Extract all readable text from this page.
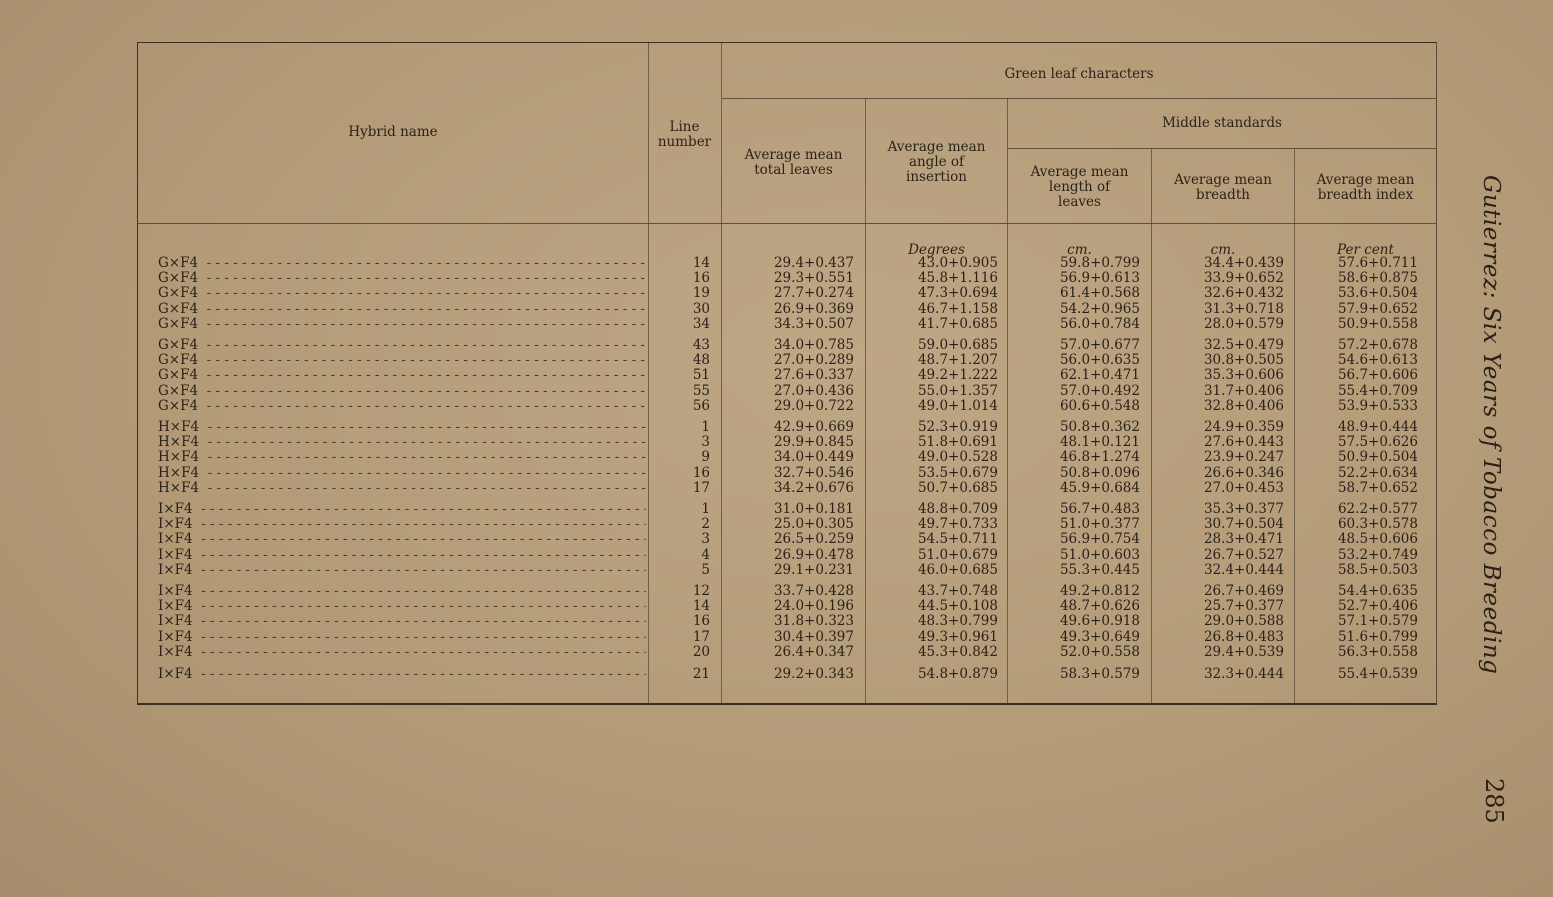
Hybrid name	Line
number
Green leaf characters
Average mean
total leaves
Average mean
angle of
insertion
Middle standards
Average mean
length of
leaves
Average mean
breadth
Average mean
breadth index
Degrees	cm.	cm.	Per cent
G×F4 - - -	14	29.4+0.437	43.0+0.905	59.8+0.799	34.4+0.439	57.6+0.711
G×F4 - - -	16	29.3+0.551	45.8+1.116	56.9+0.613	33.9+0.652	58.6+0.875
G×F4 - - -	19	27.7+0.274	47.3+0.694	61.4+0.568	32.6+0.432	53.6+0.504
G×F4 - - -	30	26.9+0.369	46.7+1.158	54.2+0.965	31.3+0.718	57.9+0.652
G×F4 - - -	34	34.3+0.507	41.7+0.685	56.0+0.784	28.0+0.579	50.9+0.558
G×F4 - - -	43	34.0+0.785	59.0+0.685	57.0+0.677	32.5+0.479	57.2+0.678
G×F4 - - -	48	27.0+0.289	48.7+1.207	56.0+0.635	30.8+0.505	54.6+0.613
G×F4 - - -	51	27.6+0.337	49.2+1.222	62.1+0.471	35.3+0.606	56.7+0.606
G×F4 - - -	55	27.0+0.436	55.0+1.357	57.0+0.492	31.7+0.406	55.4+0.709
G×F4 - - -	56	29.0+0.722	49.0+1.014	60.6+0.548	32.8+0.406	53.9+0.533
H×F4 - - -	1	42.9+0.669	52.3+0.919	50.8+0.362	24.9+0.359	48.9+0.444
H×F4 - - -	3	29.9+0.845	51.8+0.691	48.1+0.121	27.6+0.443	57.5+0.626
H×F4 - - -	9	34.0+0.449	49.0+0.528	46.8+1.274	23.9+0.247	50.9+0.504
H×F4 - - -	16	32.7+0.546	53.5+0.679	50.8+0.096	26.6+0.346	52.2+0.634
H×F4 - - -	17	34.2+0.676	50.7+0.685	45.9+0.684	27.0+0.453	58.7+0.652
I×F4 - - -	1	31.0+0.181	48.8+0.709	56.7+0.483	35.3+0.377	62.2+0.577
I×F4 - - -	2	25.0+0.305	49.7+0.733	51.0+0.377	30.7+0.504	60.3+0.578
I×F4 - - -	3	26.5+0.259	54.5+0.711	56.9+0.754	28.3+0.471	48.5+0.606
I×F4 - - -	4	26.9+0.478	51.0+0.679	51.0+0.603	26.7+0.527	53.2+0.749
I×F4 - - -	5	29.1+0.231	46.0+0.685	55.3+0.445	32.4+0.444	58.5+0.503
I×F4 - - -	12	33.7+0.428	43.7+0.748	49.2+0.812	26.7+0.469	54.4+0.635
I×F4 - - -	14	24.0+0.196	44.5+0.108	48.7+0.626	25.7+0.377	52.7+0.406
I×F4 - - -	16	31.8+0.323	48.3+0.799	49.6+0.918	29.0+0.588	57.1+0.579
I×F4 - - -	17	30.4+0.397	49.3+0.961	49.3+0.649	26.8+0.483	51.6+0.799
I×F4 - - -	20	26.4+0.347	45.3+0.842	52.0+0.558	29.4+0.539	56.3+0.558
I×F4 - - -	21	29.2+0.343	54.8+0.879	58.3+0.579	32.3+0.444	55.4+0.539	Gutierrez: Six Years of Tobacco Breeding
285
